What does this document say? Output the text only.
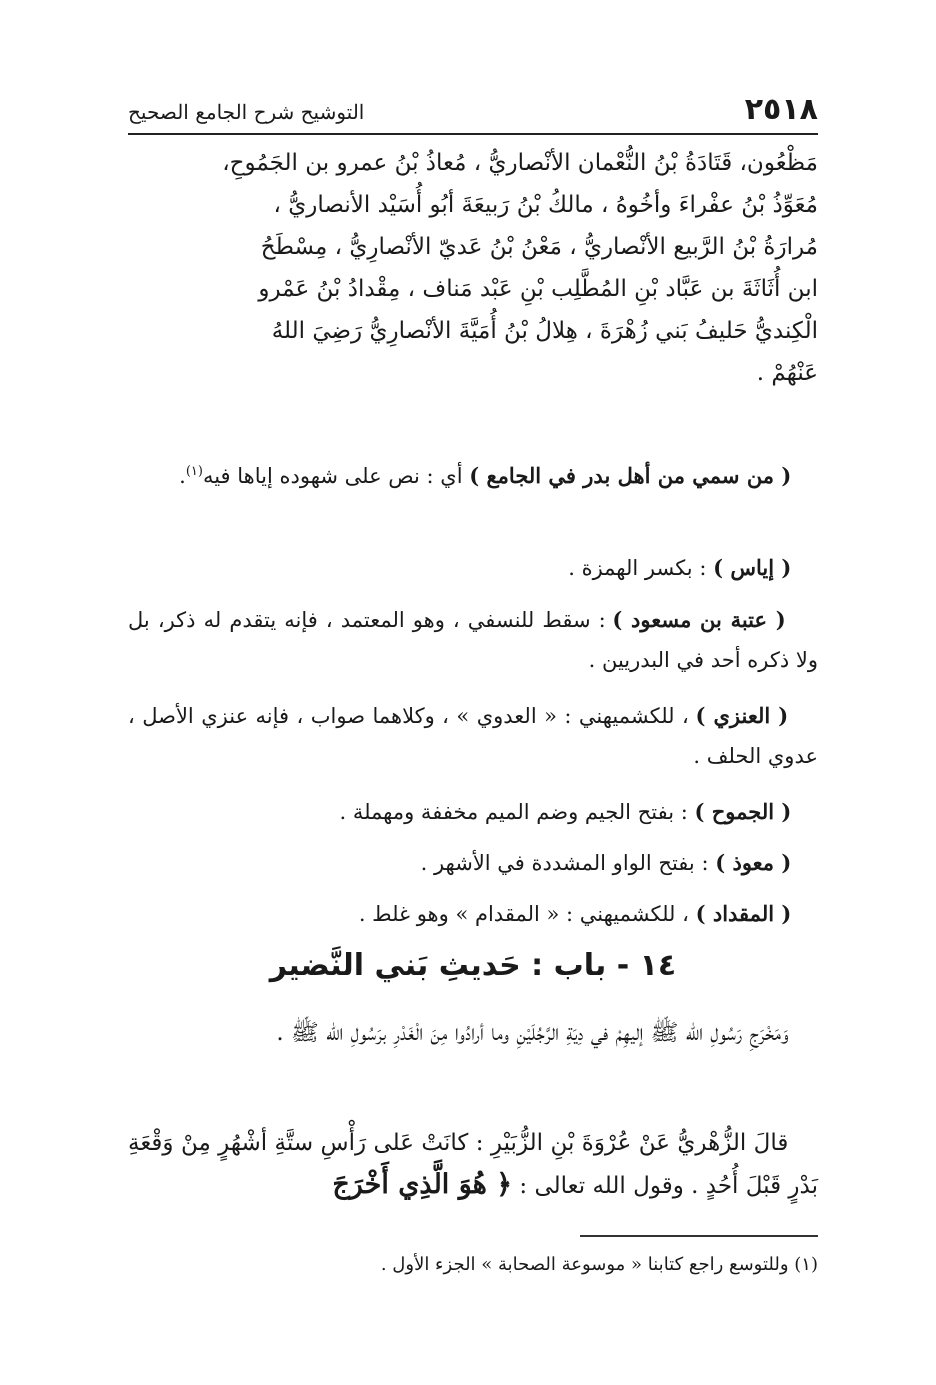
٢٥١٨
التوشيح شرح الجامع الصحيح
مَظْعُون، قَتَادَةُ بْنُ النُّعْمان الأنْصاريُّ ، مُعاذُ بْنُ عمرو بن الجَمُوحِ،
مُعَوِّذُ بْنُ عفْراءَ وأخُوهُ ، مالكُ بْنُ رَبيعَةَ أبُو أُسَيْد الأنصاريُّ ،
مُرارَةُ بْنُ الرَّبيع الأنْصاريُّ ، مَعْنُ بْنُ عَديّ الأنْصارِيُّ ، مِسْطَحُ
ابن أُثَاثَةَ بن عَبَّاد بْنِ المُطَّلِب بْنِ عَبْد مَناف ، مِقْدادُ بْنُ عَمْرو
الْكِنديُّ حَليفُ بَني زُهْرَةَ ، هِلالُ بْنُ أُمَيَّةَ الأنْصارِيُّ رَضِيَ اللهُ
عَنْهُمْ .
( من سمي من أهل بدر في الجامع ) أي : نص على شهوده إياها فيه$^{(١)}$.
( إياس ) : بكسر الهمزة .
( عتبة بن مسعود ) : سقط للنسفي ، وهو المعتمد ، فإنه يتقدم له ذكر، بل ولا ذكره أحد في البدريين .
( العنزي ) ، للكشميهني : « العدوي » ، وكلاهما صواب ، فإنه عنزي الأصل ، عدوي الحلف .
( الجموح ) : بفتح الجيم وضم الميم مخففة ومهملة .
( معوذ ) : بفتح الواو المشددة في الأشهر .
( المقداد ) ، للكشميهني : « المقدام » وهو غلط .
١٤ - باب : حَديثِ بَني النَّضير
وَمَخْرَجِ رَسُولِ الله ﷺ إليهِمْ في دِيَةِ الرَّجُلَيْنِ وما أرادُوا مِنَ الْغَدْرِ برَسُولِ الله ﷺ .
قالَ الزُّهْريُّ عَنْ عُرْوَةَ بْنِ الزُّبَيْرِ : كانَتْ عَلى رَأْسِ ستَّةِ أشْهُرٍ مِنْ وَقْعَةِ بَدْرٍ قَبْلَ أُحُدٍ . وقول الله تعالى : ﴿ هُوَ الَّذِي أَخْرَجَ
(١) وللتوسع راجع كتابنا « موسوعة الصحابة » الجزء الأول .
